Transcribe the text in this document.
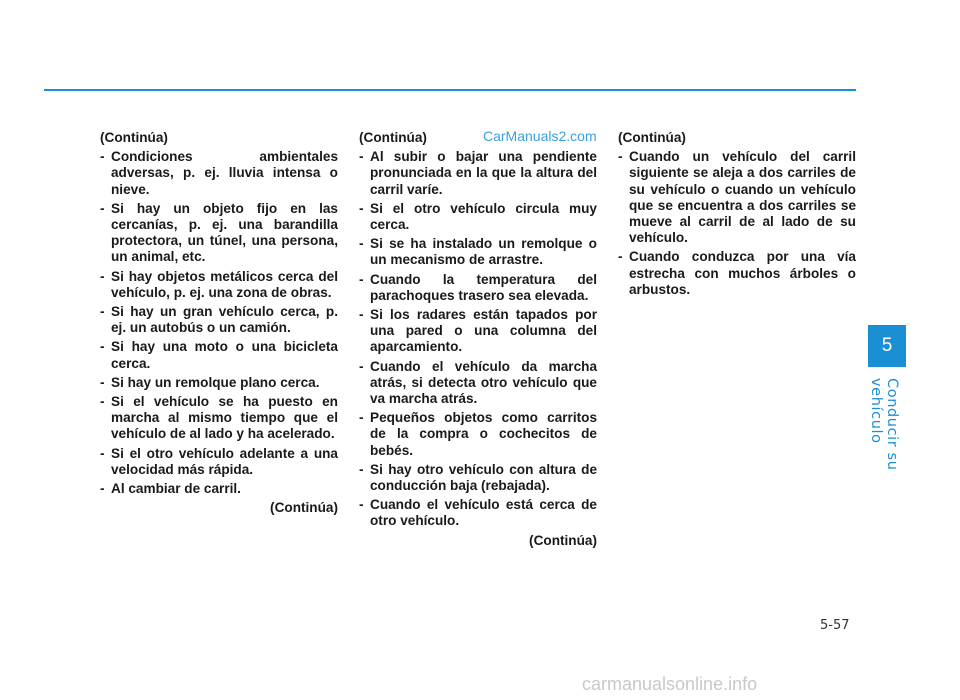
(Continúa)
- Condiciones ambientales adversas, p. ej. lluvia intensa o nieve.
- Si hay un objeto fijo en las cercanías, p. ej. una barandilla protectora, un túnel, una persona, un animal, etc.
- Si hay objetos metálicos cerca del vehículo, p. ej. una zona de obras.
- Si hay un gran vehículo cerca, p. ej. un autobús o un camión.
- Si hay una moto o una bicicleta cerca.
- Si hay un remolque plano cerca.
- Si el vehículo se ha puesto en marcha al mismo tiempo que el vehículo de al lado y ha acelerado.
- Si el otro vehículo adelante a una velocidad más rápida.
- Al cambiar de carril.
(Continúa)
(Continúa)
- Al subir o bajar una pendiente pronunciada en la que la altura del carril varíe.
- Si el otro vehículo circula muy cerca.
- Si se ha instalado un remolque o un mecanismo de arrastre.
- Cuando la temperatura del parachoques trasero sea elevada.
- Si los radares están tapados por una pared o una columna del aparcamiento.
- Cuando el vehículo da marcha atrás, si detecta otro vehículo que va marcha atrás.
- Pequeños objetos como carritos de la compra o cochecitos de bebés.
- Si hay otro vehículo con altura de conducción baja (rebajada).
- Cuando el vehículo está cerca de otro vehículo.
(Continúa)
(Continúa)
- Cuando un vehículo del carril siguiente se aleja a dos carriles de su vehículo o cuando un vehículo que se encuentra a dos carriles se mueve al carril de al lado de su vehículo.
- Cuando conduzca por una vía estrecha con muchos árboles o arbustos.
CarManuals2.com
5
Conducir su vehículo
5-57
carmanualsonline.info
